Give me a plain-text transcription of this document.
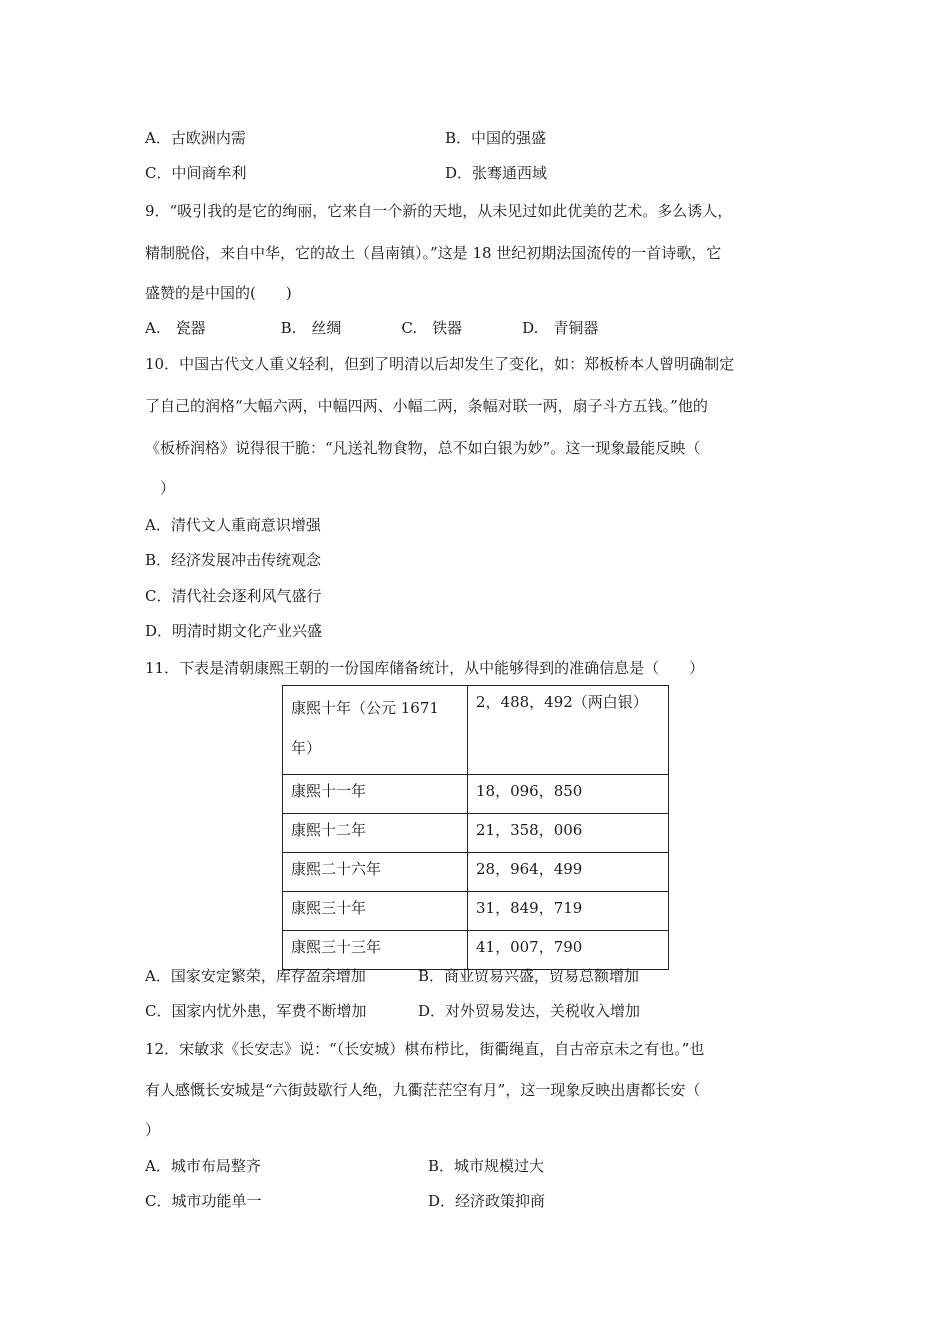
A．古欧洲内需	B．中国的强盛
C．中间商牟利	D．张骞通西域
9．“吸引我的是它的绚丽，它来自一个新的天地，从未见过如此优美的艺术。多么诱人，
精制脱俗，来自中华，它的故土（昌南镇）。”这是 18 世纪初期法国流传的一首诗歌，它
盛赞的是中国的(　　)
A.　瓷器　　　　　B.　丝绸　　　　C.　铁器　　　　D.　青铜器
10．中国古代文人重义轻利，但到了明清以后却发生了变化，如：郑板桥本人曾明确制定
了自己的润格“大幅六两，中幅四两、小幅二两，条幅对联一两，扇子斗方五钱。”他的
《板桥润格》说得很干脆：“凡送礼物食物，总不如白银为妙”。这一现象最能反映（
　）
A．清代文人重商意识增强
B．经济发展冲击传统观念
C．清代社会逐利风气盛行
D．明清时期文化产业兴盛
11．下表是清朝康熙王朝的一份国库储备统计，从中能够得到的准确信息是（　　）
康熙十年（公元 1671 年）	2，488，492（两白银）
康熙十一年	18，096，850
康熙十二年	21，358，006
康熙二十六年	28，964，499
康熙三十年	31，849，719
康熙三十三年	41，007，790
A．国家安定繁荣，库存盈余增加	B．商业贸易兴盛，贸易总额增加
C．国家内忧外患，军费不断增加	D．对外贸易发达，关税收入增加
12．宋敏求《长安志》说：“（长安城）棋布栉比，街衢绳直，自古帝京未之有也。”也
有人感慨长安城是“六街鼓歇行人绝，九衢茫茫空有月”，这一现象反映出唐都长安（
）
A．城市布局整齐	B．城市规模过大
C．城市功能单一	D．经济政策抑商
